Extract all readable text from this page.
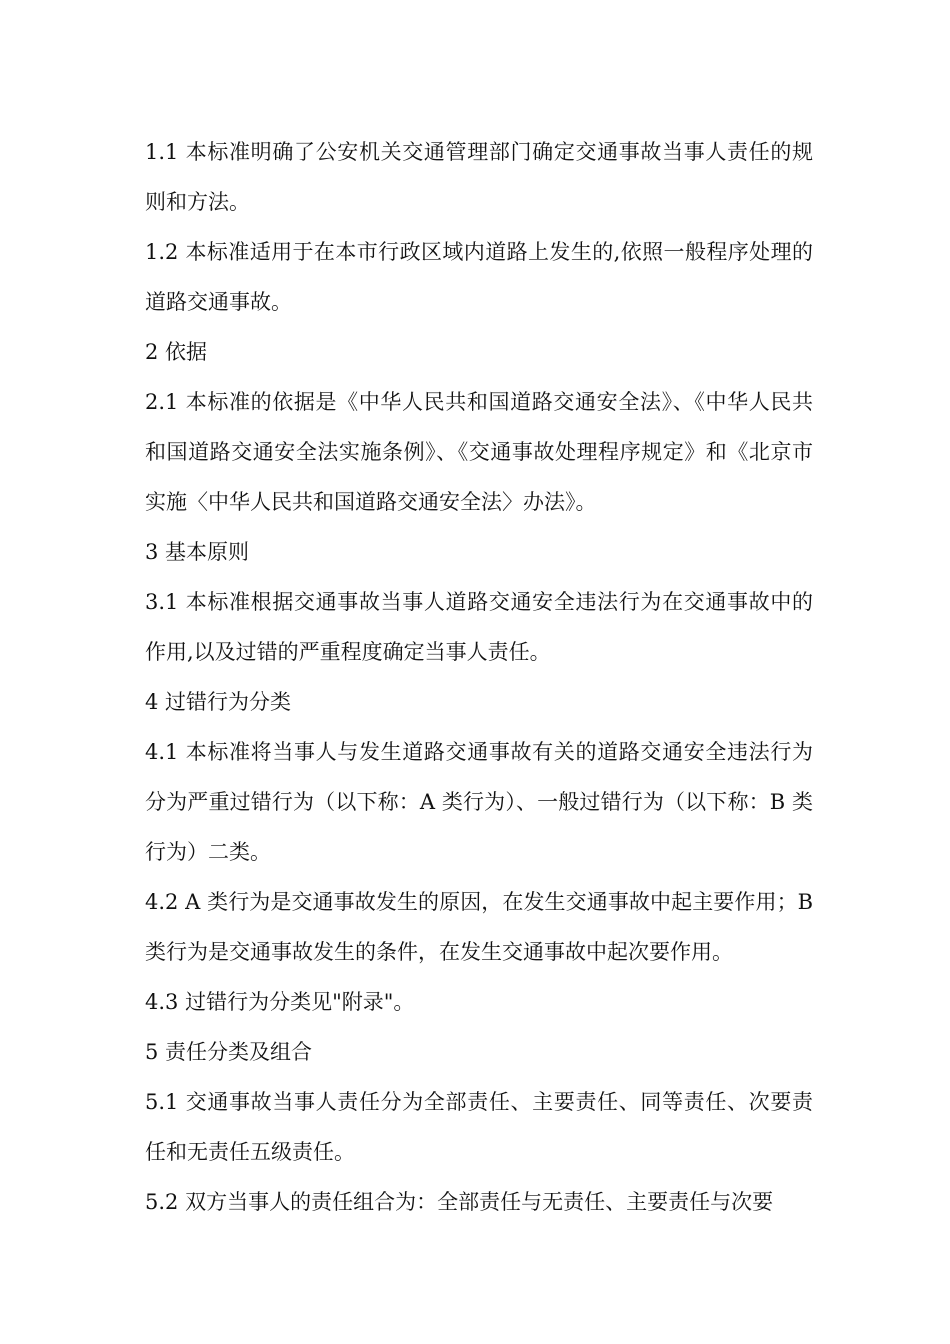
1.1 本标准明确了公安机关交通管理部门确定交通事故当事人责任的规则和方法。

1.2 本标准适用于在本市行政区域内道路上发生的,依照一般程序处理的道路交通事故。

2 依据

2.1 本标准的依据是《中华人民共和国道路交通安全法》、《中华人民共和国道路交通安全法实施条例》、《交通事故处理程序规定》和《北京市实施〈中华人民共和国道路交通安全法〉办法》。

3 基本原则

3.1 本标准根据交通事故当事人道路交通安全违法行为在交通事故中的作用,以及过错的严重程度确定当事人责任。

4 过错行为分类

4.1 本标准将当事人与发生道路交通事故有关的道路交通安全违法行为分为严重过错行为（以下称：A 类行为）、一般过错行为（以下称：B 类行为）二类。

4.2 A 类行为是交通事故发生的原因，在发生交通事故中起主要作用；B 类行为是交通事故发生的条件，在发生交通事故中起次要作用。

4.3 过错行为分类见"附录"。

5 责任分类及组合

5.1 交通事故当事人责任分为全部责任、主要责任、同等责任、次要责任和无责任五级责任。

5.2 双方当事人的责任组合为：全部责任与无责任、主要责任与次要
